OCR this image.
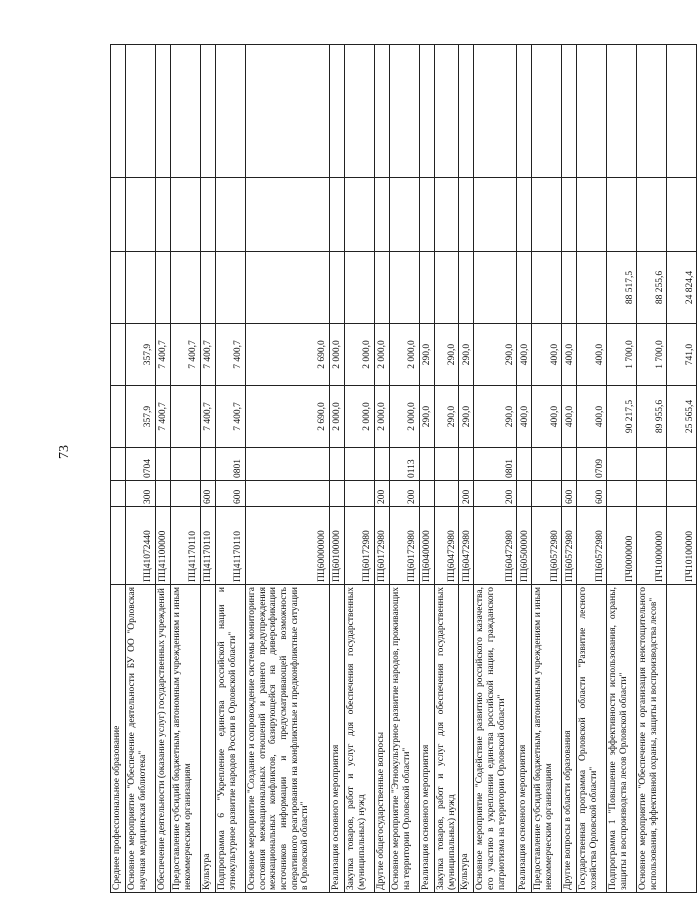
73
Среднее профессиональное образование								
Основное мероприятие "Обеспечение деятельности БУ ОО "Орловская научная медицинская библиотека"	ПЦ41072440	300	0704	357,9	357,9			
Обеспечение деятельности (оказание услуг) государственных учреждений	ПЦ41100000			7 400,7	7 400,7			
Предоставление субсидий бюджетным, автономным учреждениям и иным некоммерческим организациям	ПЦ41170110				7 400,7			
Культура	ПЦ41170110	600		7 400,7	7 400,7			
Подпрограмма 6 "Укрепление единства российской нации и этнокультурное развитие народов России в Орловской области"	ПЦ41170110	600	0801	7 400,7	7 400,7			
Основное мероприятие "Создание и сопровождение системы мониторинга состояния межнациональных отношений и раннего предупреждения межнациональных конфликтов, базирующейся на диверсификации источников информации и предусматривающей возможность оперативного реагирования на конфликтные и предконфликтные ситуации в Орловской области"	ПЦ60000000			2 690,0	2 690,0			
Реализация основного мероприятия	ПЦ60100000			2 000,0	2 000,0			
Закупка товаров, работ и услуг для обеспечения государственных (муниципальных) нужд	ПЦ60172980			2 000,0	2 000,0			
Другие общегосударственные вопросы	ПЦ60172980	200		2 000,0	2 000,0			
Основное мероприятие "Этнокультурное развитие народов, проживающих на территории Орловской области"	ПЦ60172980	200	0113	2 000,0	2 000,0			
Реализация основного мероприятия	ПЦ60400000			290,0	290,0			
Закупка товаров, работ и услуг для обеспечения государственных (муниципальных) нужд	ПЦ60472980			290,0	290,0			
Культура	ПЦ60472980	200		290,0	290,0			
Основное мероприятие "Содействие развитию российского казачества, его участию в укреплении единства российской нации, гражданского патриотизма на территории Орловской области"	ПЦ60472980	200	0801	290,0	290,0			
Реализация основного мероприятия	ПЦ60500000			400,0	400,0			
Предоставление субсидий бюджетным, автономным учреждениям и иным некоммерческим организациям	ПЦ60572980			400,0	400,0			
Другие вопросы в области образования	ПЦ60572980	600		400,0	400,0			
Государственная программа Орловской области "Развитие лесного хозяйства Орловской области"	ПЦ60572980	600	0709	400,0	400,0			
Подпрограмма 1 "Повышение эффективности использования, охраны, защиты и воспроизводства лесов Орловской области"	ПЧ0000000			90 217,5	1 700,0	88 517,5		
Основное мероприятие "Обеспечение и организация неистощительного использования, эффективной охраны, защиты и воспроизводства лесов"	ПЧ10000000			89 955,6	1 700,0	88 255,6		
	ПЧ10100000			25 565,4	741,0	24 824,4		
